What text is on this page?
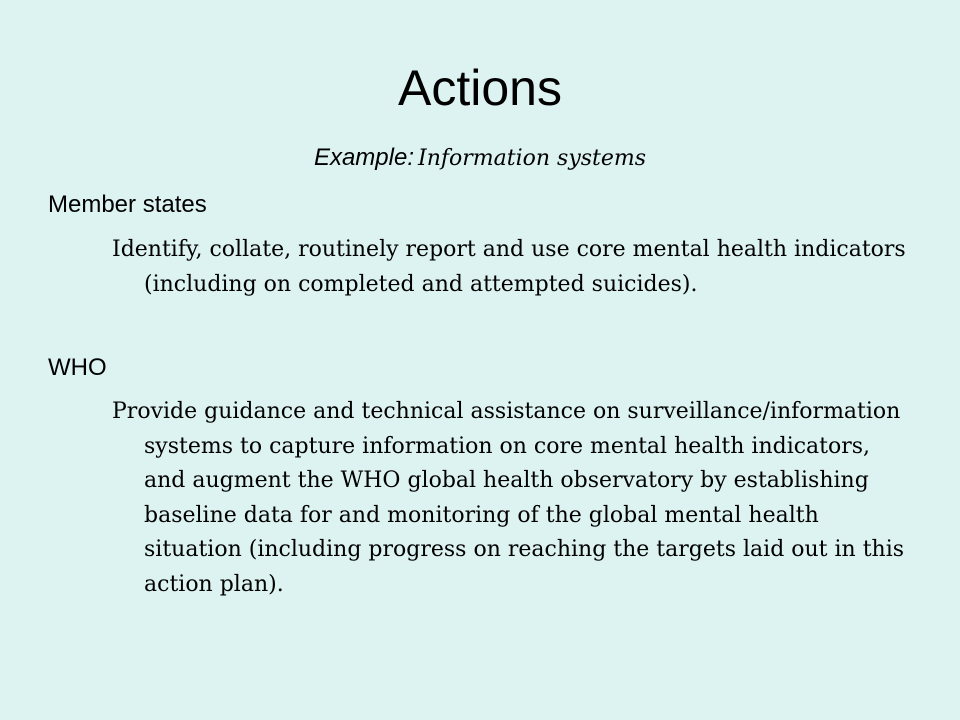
Actions
Example: Information systems
Member states

Identify, collate, routinely report and use core mental health indicators (including on completed and attempted suicides).

WHO

Provide guidance and technical assistance on surveillance/information systems to capture information on core mental health indicators, and augment the WHO global health observatory by establishing baseline data for and monitoring of the global mental health situation (including progress on reaching the targets laid out in this action plan).
